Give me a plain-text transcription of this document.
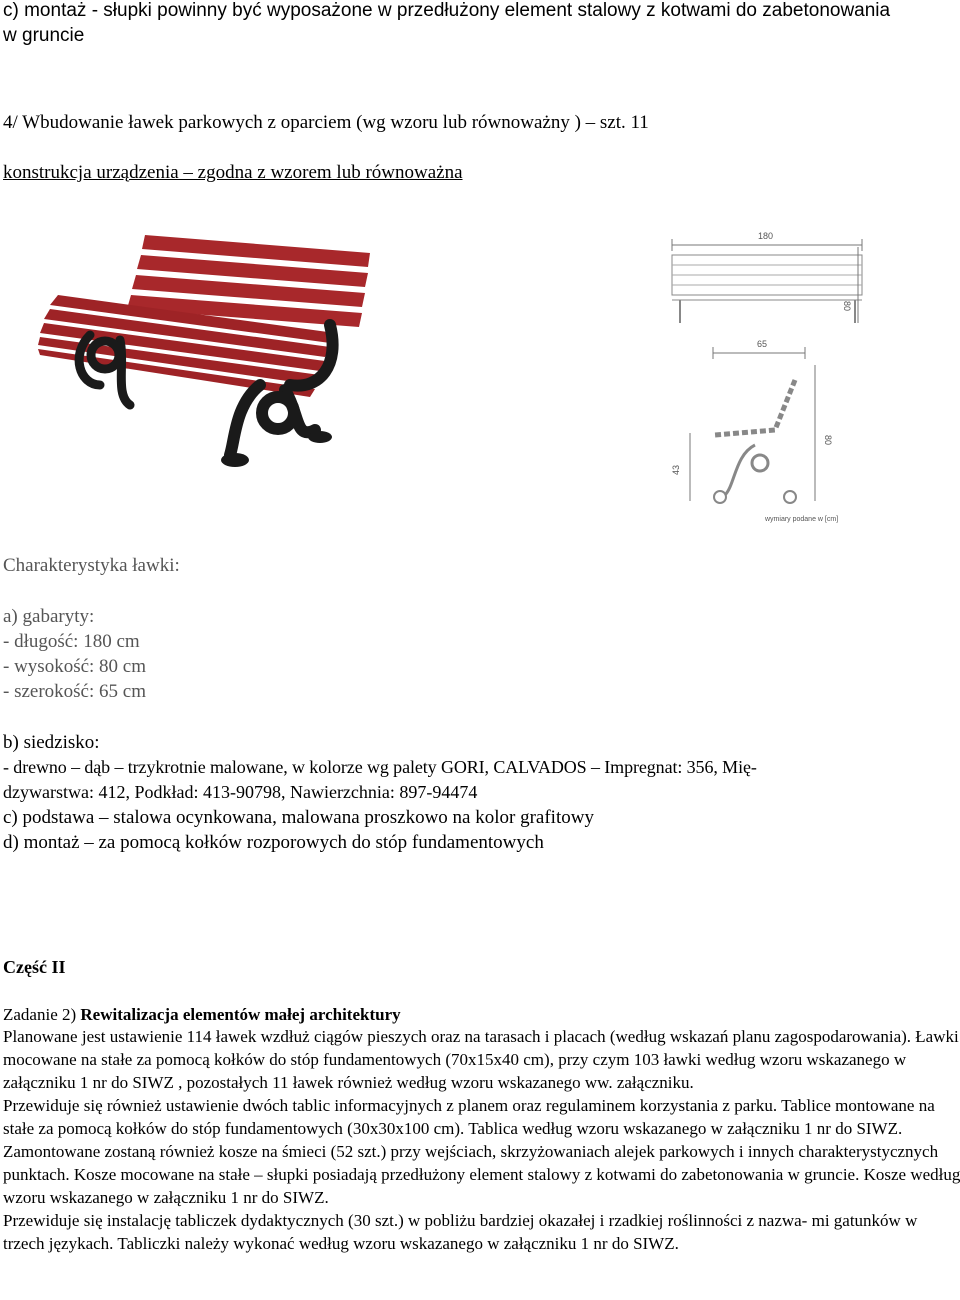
c) montaż - słupki powinny być wyposażone w przedłużony element stalowy z kotwami do zabetonowania
w gruncie
4/ Wbudowanie ławek parkowych z oparciem (wg wzoru lub równoważny ) – szt. 11
konstrukcja urządzenia – zgodna z wzorem lub równoważna
180
80
65
80
43
wymiary podane w [cm]
Charakterystyka ławki:
a) gabaryty:
- długość: 180 cm
- wysokość: 80 cm
- szerokość: 65 cm
b) siedzisko:
- drewno – dąb – trzykrotnie malowane, w kolorze wg palety GORI, CALVADOS – Impregnat: 356, Mię-
dzywarstwa: 412, Podkład: 413-90798, Nawierzchnia: 897-94474
c) podstawa – stalowa ocynkowana, malowana proszkowo na kolor grafitowy
d) montaż – za pomocą kołków rozporowych do stóp fundamentowych
Część II
Zadanie 2) Rewitalizacja elementów małej architektury

Planowane jest ustawienie 114 ławek wzdłuż ciągów pieszych oraz na tarasach i placach (według wskazań planu zagospodarowania). Ławki mocowane na stałe za pomocą kołków do stóp fundamentowych (70x15x40 cm), przy czym 103 ławki według wzoru wskazanego w załączniku 1 nr do SIWZ , pozostałych 11 ławek również według wzoru wskazanego ww. załączniku.

Przewiduje się również ustawienie dwóch tablic informacyjnych z planem oraz regulaminem korzystania z parku. Tablice montowane na stałe za pomocą kołków do stóp fundamentowych (30x30x100 cm). Tablica według wzoru wskazanego w załączniku 1 nr do SIWZ.

Zamontowane zostaną również kosze na śmieci (52 szt.) przy wejściach, skrzyżowaniach alejek parkowych i innych charakterystycznych punktach. Kosze mocowane na stałe – słupki posiadają przedłużony element stalowy z kotwami do zabetonowania w gruncie. Kosze według wzoru wskazanego w załączniku 1 nr do SIWZ.

Przewiduje się instalację tabliczek dydaktycznych (30 szt.) w pobliżu bardziej okazałej i rzadkiej roślinności z nazwa- mi gatunków w trzech językach. Tabliczki należy wykonać według wzoru wskazanego w załączniku 1 nr do SIWZ.
